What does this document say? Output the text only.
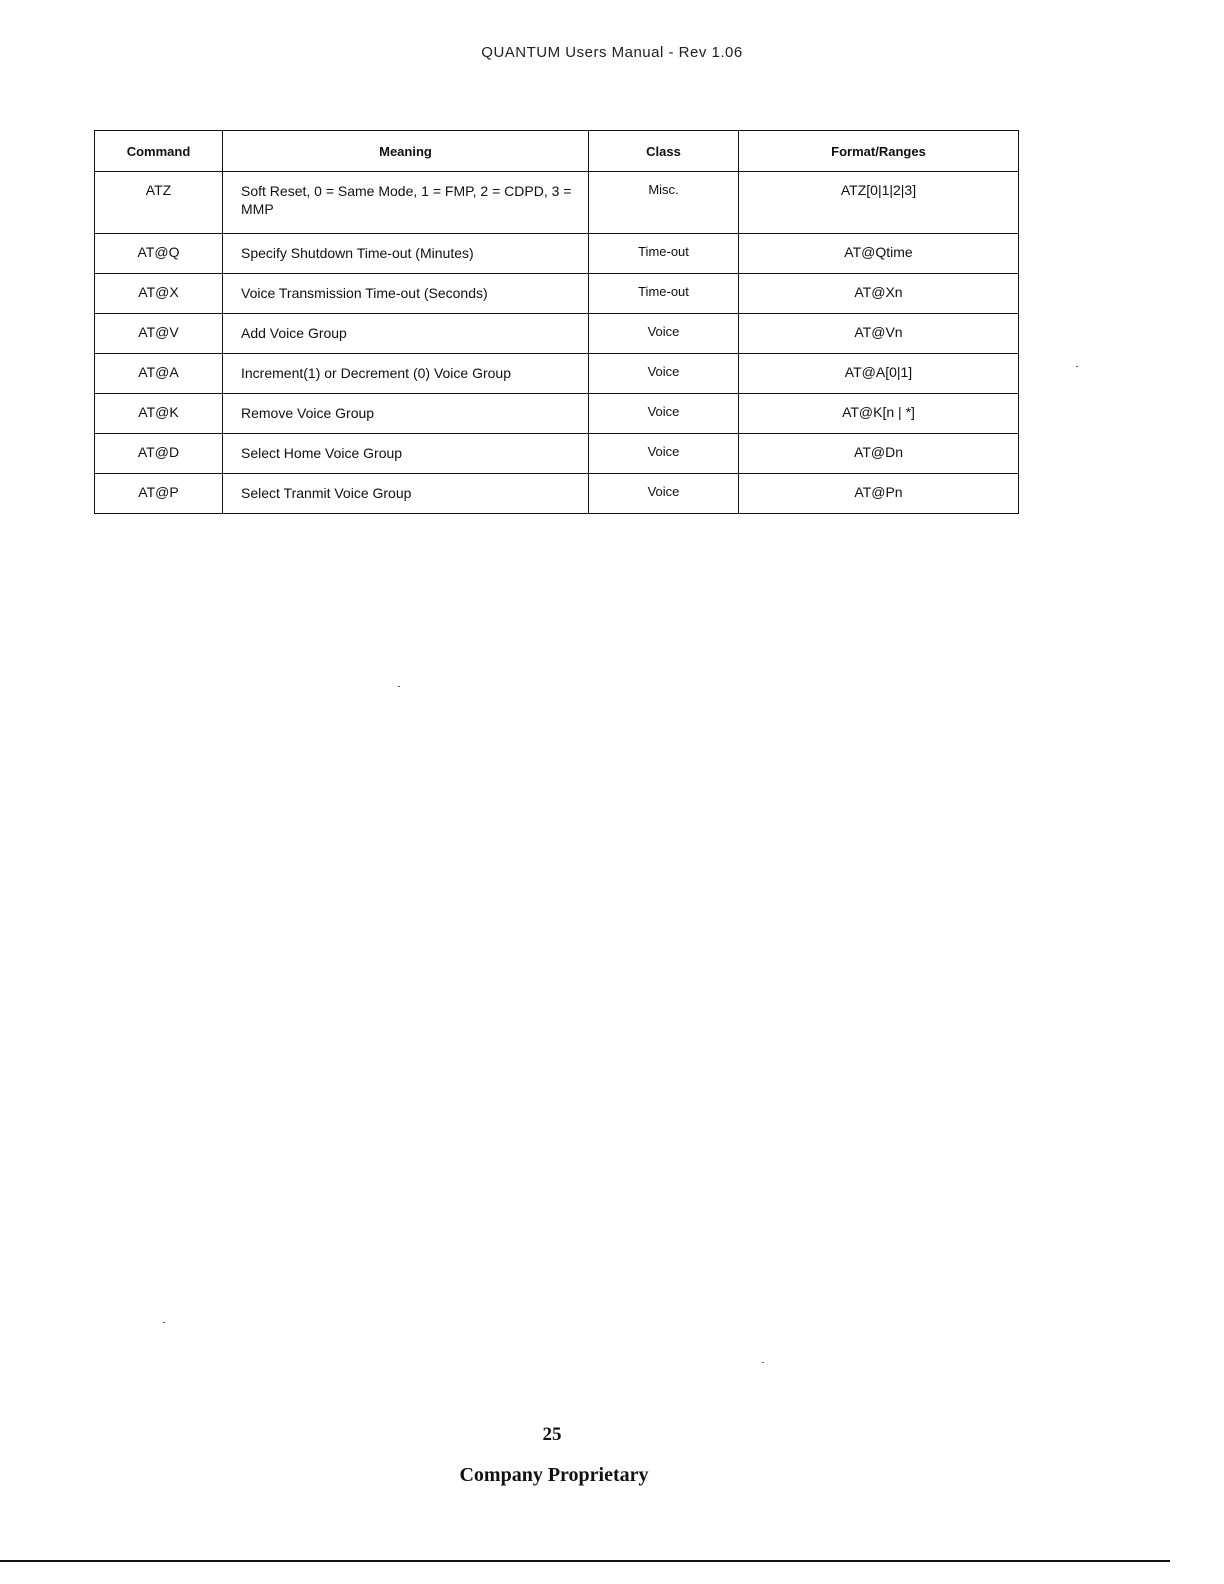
QUANTUM Users Manual - Rev 1.06
Command	Meaning	Class	Format/Ranges
ATZ	Soft Reset, 0 = Same Mode, 1 = FMP, 2 = CDPD, 3 = MMP	Misc.	ATZ[0|1|2|3]
AT@Q	Specify Shutdown Time-out (Minutes)	Time-out	AT@Qtime
AT@X	Voice Transmission Time-out (Seconds)	Time-out	AT@Xn
AT@V	Add Voice Group	Voice	AT@Vn
AT@A	Increment(1) or Decrement (0) Voice Group	Voice	AT@A[0|1]
AT@K	Remove Voice Group	Voice	AT@K[n | *]
AT@D	Select Home Voice Group	Voice	AT@Dn
AT@P	Select Tranmit Voice Group	Voice	AT@Pn
25
Company Proprietary
